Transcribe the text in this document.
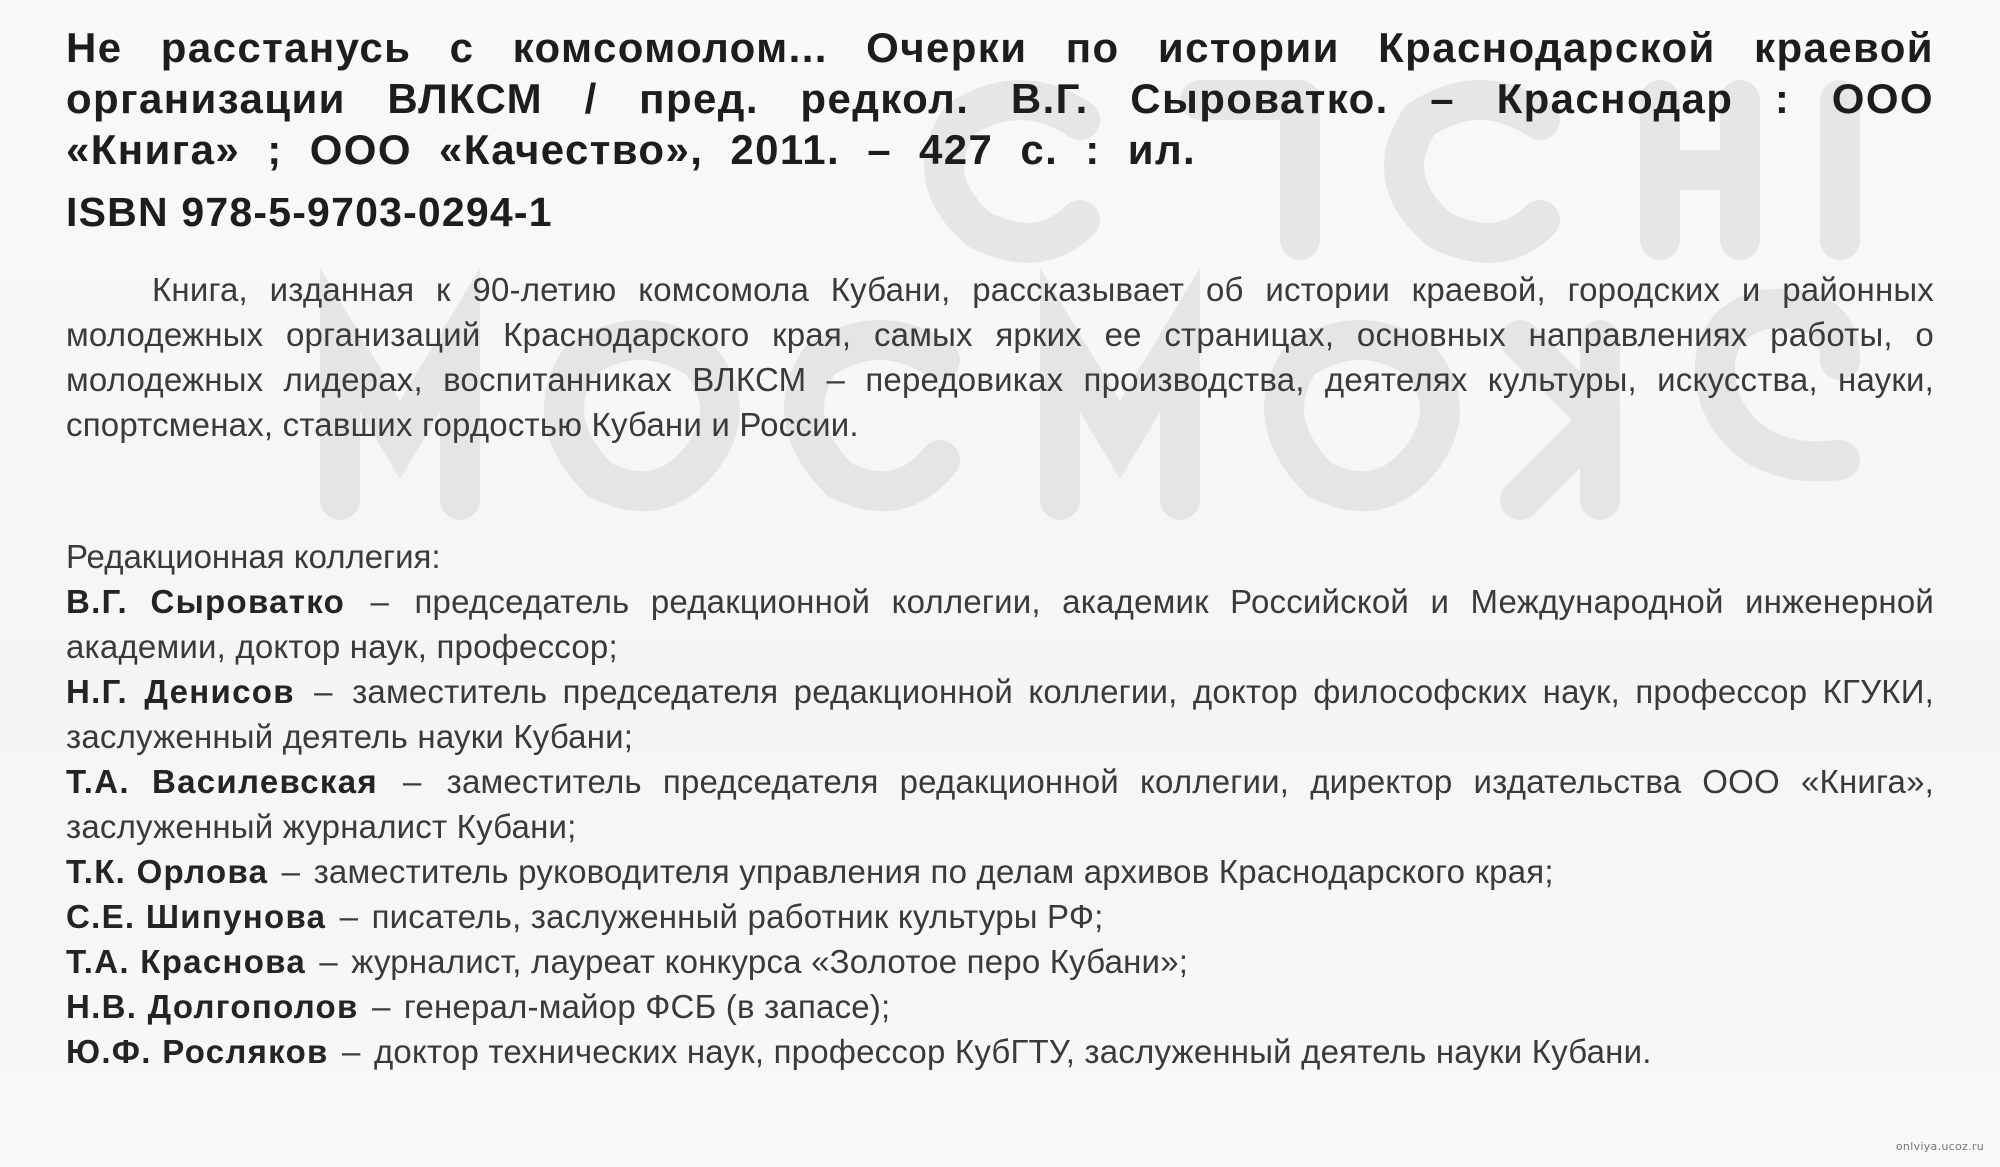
Не расстанусь с комсомолом... Очерки по истории Краснодарской краевой организации ВЛКСМ / пред. редкол. В.Г. Сыроватко. – Краснодар : ООО «Книга» ; ООО «Качество», 2011. – 427 с. : ил.

ISBN 978-5-9703-0294-1

Книга, изданная к 90-летию комсомола Кубани, рассказывает об истории краевой, городских и районных молодежных организаций Краснодарского края, самых ярких ее страницах, основных направлениях работы, о молодежных лидерах, воспитанниках ВЛКСМ – передовиках производства, деятелях культуры, искусства, науки, спортсменах, ставших гордостью Кубани и России.

Редакционная коллегия:
В.Г. Сыроватко – председатель редакционной коллегии, академик Российской и Международной инженерной академии, доктор наук, профессор;
Н.Г. Денисов – заместитель председателя редакционной коллегии, доктор философских наук, профессор КГУКИ, заслуженный деятель науки Кубани;
Т.А. Василевская – заместитель председателя редакционной коллегии, директор издательства ООО «Книга», заслуженный журналист Кубани;
Т.К. Орлова – заместитель руководителя управления по делам архивов Краснодарского края;
С.Е. Шипунова – писатель, заслуженный работник культуры РФ;
Т.А. Краснова – журналист, лауреат конкурса «Золотое перо Кубани»;
Н.В. Долгополов – генерал-майор ФСБ (в запасе);
Ю.Ф. Росляков – доктор технических наук, профессор КубГТУ, заслуженный деятель науки Кубани.
onlviya.ucoz.ru
